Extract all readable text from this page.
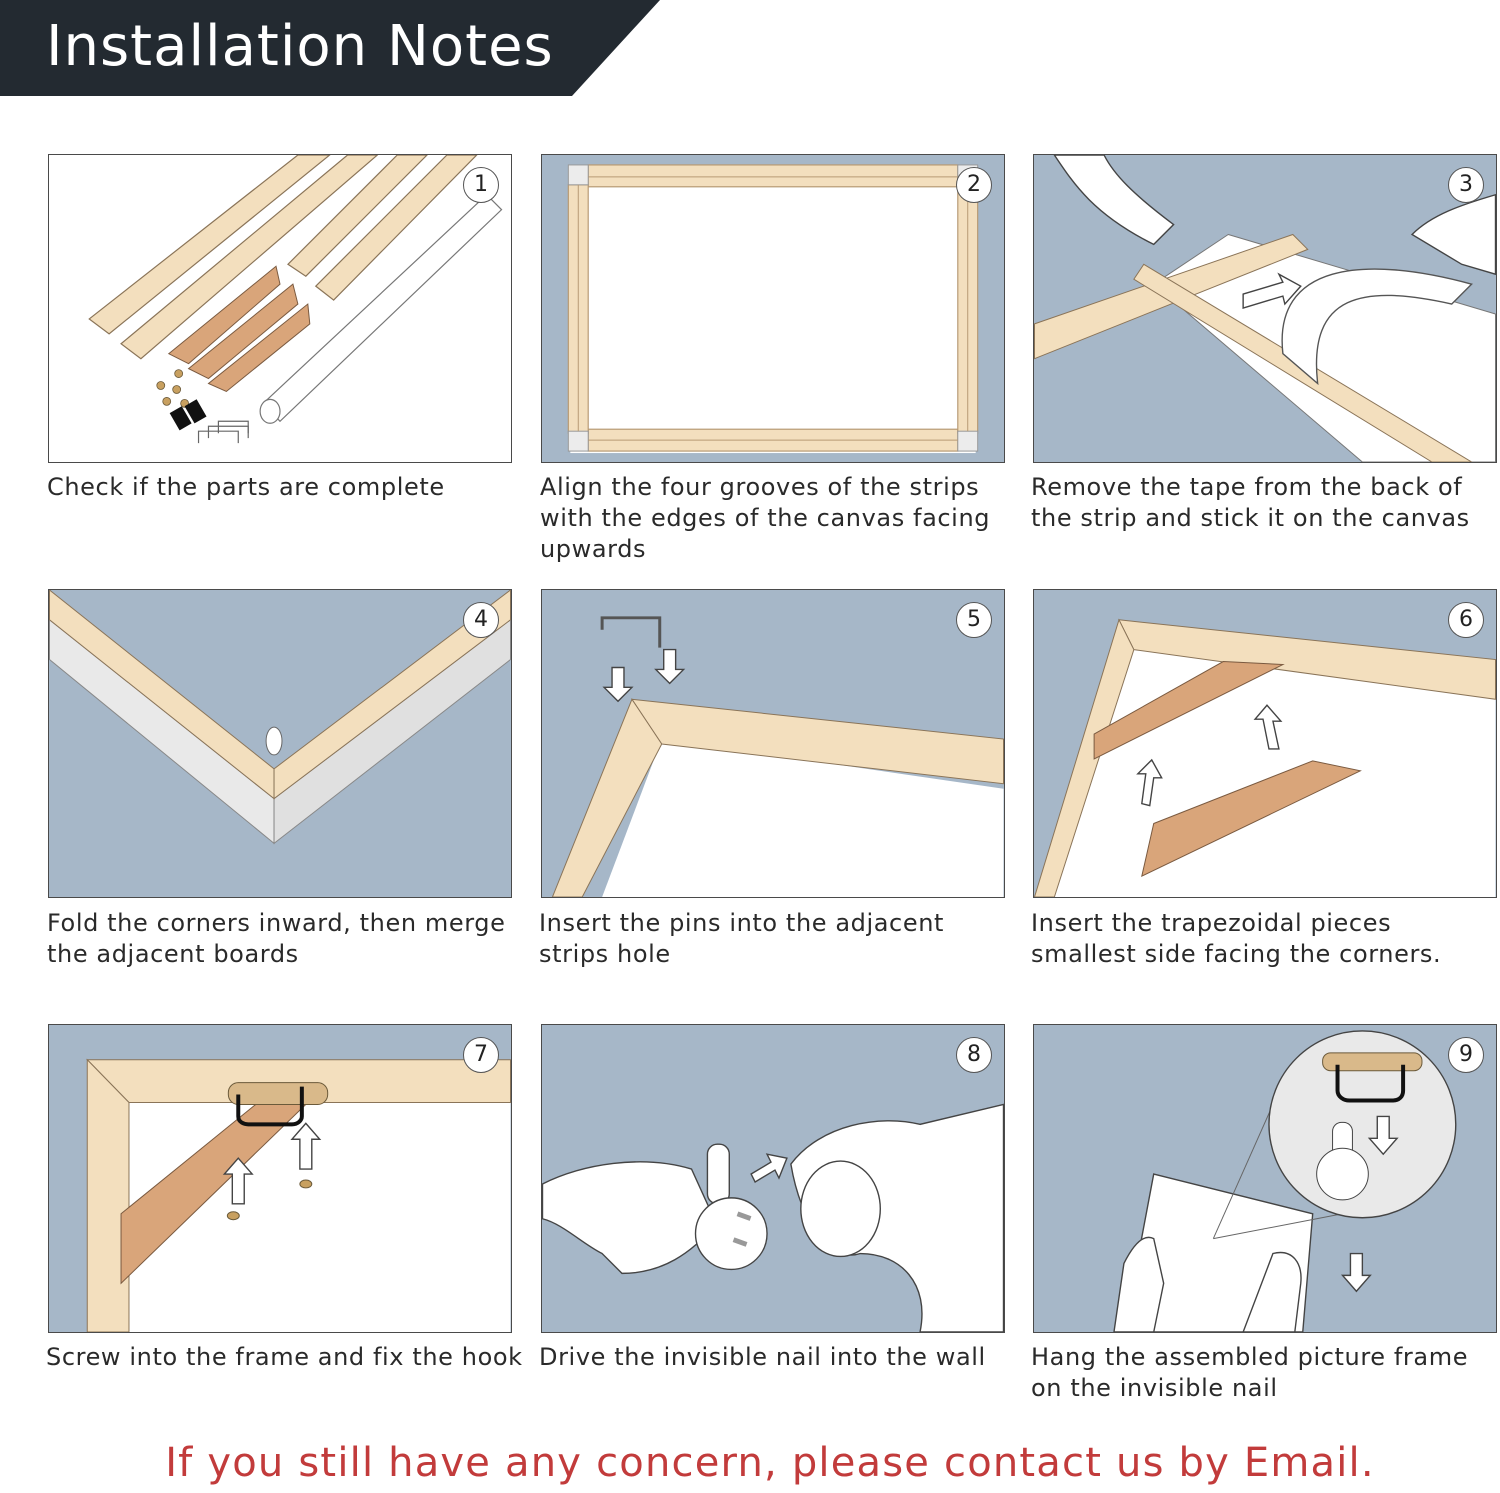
Installation Notes
1
Check if the parts are complete
2
Align the four grooves of the strips with the edges of the canvas facing upwards
3
Remove the tape from the back of the strip and stick it on the canvas
4
Fold the corners inward, then merge the adjacent boards
5
Insert the pins into the adjacent strips hole
6
Insert the trapezoidal pieces smallest side facing the corners.
7
Screw into the frame and fix the hook
8
Drive the invisible nail into the wall
9
Hang the assembled picture frame on the invisible nail
If you still have any concern, please contact us by Email.
